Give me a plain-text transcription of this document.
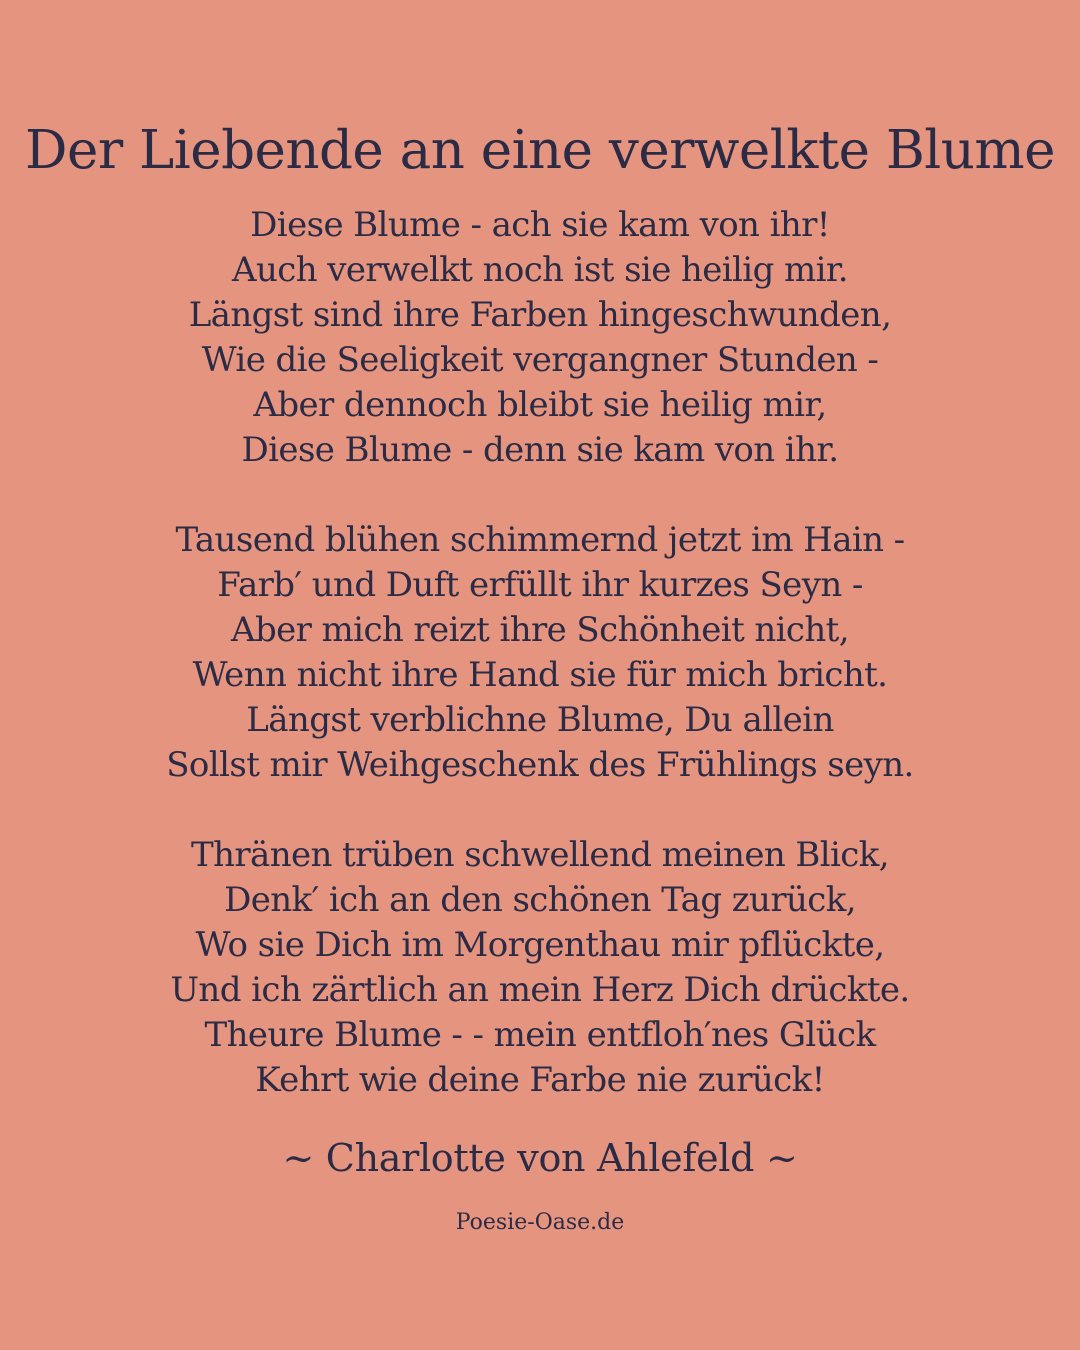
Der Liebende an eine verwelkte Blume
Diese Blume - ach sie kam von ihr!
Auch verwelkt noch ist sie heilig mir.
Längst sind ihre Farben hingeschwunden,
Wie die Seeligkeit vergangner Stunden -
Aber dennoch bleibt sie heilig mir,
Diese Blume - denn sie kam von ihr.
Tausend blühen schimmernd jetzt im Hain -
Farb′ und Duft erfüllt ihr kurzes Seyn -
Aber mich reizt ihre Schönheit nicht,
Wenn nicht ihre Hand sie für mich bricht.
Längst verblichne Blume, Du allein
Sollst mir Weihgeschenk des Frühlings seyn.
Thränen trüben schwellend meinen Blick,
Denk′ ich an den schönen Tag zurück,
Wo sie Dich im Morgenthau mir pflückte,
Und ich zärtlich an mein Herz Dich drückte.
Theure Blume - - mein entfloh′nes Glück
Kehrt wie deine Farbe nie zurück!
~ Charlotte von Ahlefeld ~
Poesie-Oase.de
